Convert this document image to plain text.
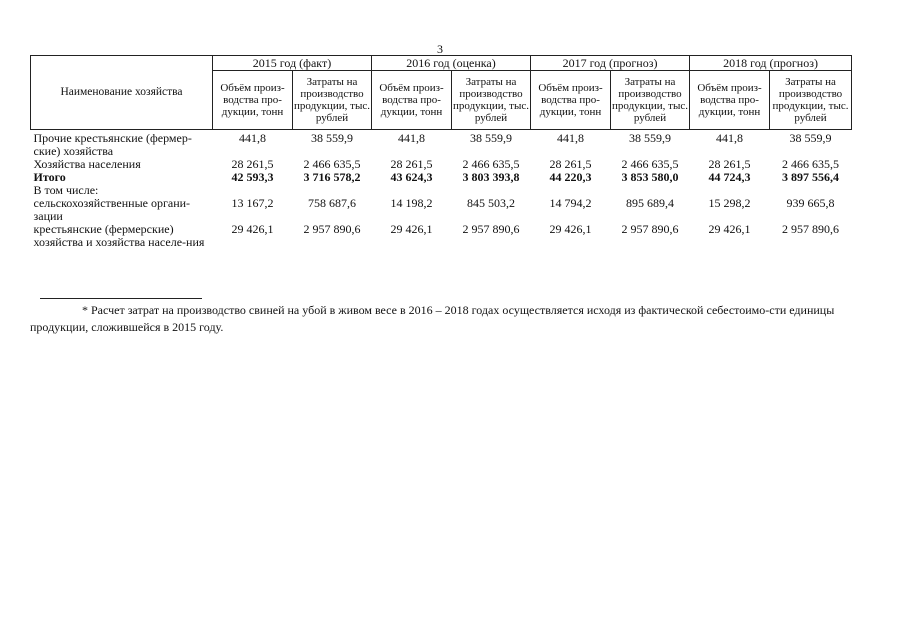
3
Наименование хозяйства	2015 год (факт)		2016 год (оценка)		2017 год (прогноз)		2018 год (прогноз)	
	Объём произ-водства про-дукции, тонн	Затраты на производство продукции, тыс. рублей	Объём произ-водства про-дукции, тонн	Затраты на производство продукции, тыс. рублей	Объём произ-водства про-дукции, тонн	Затраты на производство продукции, тыс. рублей	Объём произ-водства про-дукции, тонн	Затраты на производство продукции, тыс. рублей
Прочие крестьянские (фермер-ские) хозяйства	441,8	38 559,9	441,8	38 559,9	441,8	38 559,9	441,8	38 559,9
Хозяйства населения	28 261,5	2 466 635,5	28 261,5	2 466 635,5	28 261,5	2 466 635,5	28 261,5	2 466 635,5
Итого	42 593,3	3 716 578,2	43 624,3	3 803 393,8	44 220,3	3 853 580,0	44 724,3	3 897 556,4
В том числе:								
сельскохозяйственные органи-зации	13 167,2	758 687,6	14 198,2	845 503,2	14 794,2	895 689,4	15 298,2	939 665,8
крестьянские (фермерские) хозяйства и хозяйства населе-ния	29 426,1	2 957 890,6	29 426,1	2 957 890,6	29 426,1	2 957 890,6	29 426,1	2 957 890,6
* Расчет затрат на производство свиней на убой в живом весе в 2016 – 2018 годах осуществляется исходя из фактической себестоимо-сти единицы продукции, сложившейся в 2015 году.
